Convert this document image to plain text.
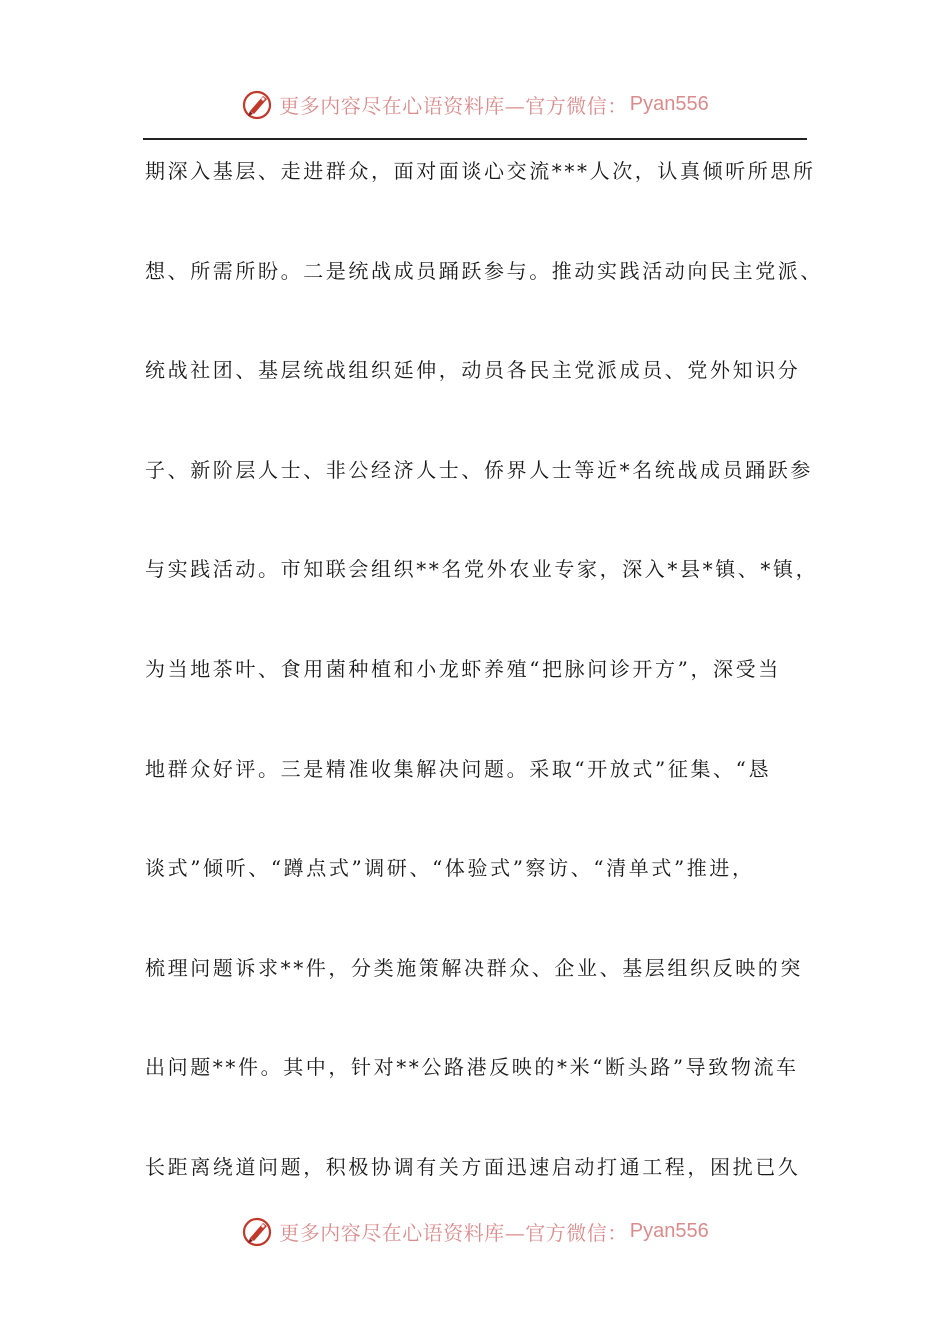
更多内容尽在心语资料库—官方微信： Pyan556
期深入基层、走进群众，面对面谈心交流***人次，认真倾听所思所
想、所需所盼。二是统战成员踊跃参与。推动实践活动向民主党派、
统战社团、基层统战组织延伸，动员各民主党派成员、党外知识分
子、新阶层人士、非公经济人士、侨界人士等近*名统战成员踊跃参
与实践活动。市知联会组织**名党外农业专家，深入*县*镇、*镇，
为当地茶叶、食用菌种植和小龙虾养殖“把脉问诊开方”，深受当
地群众好评。三是精准收集解决问题。采取“开放式”征集、“恳
谈式”倾听、“蹲点式”调研、“体验式”察访、“清单式”推进，
梳理问题诉求**件，分类施策解决群众、企业、基层组织反映的突
出问题**件。其中，针对**公路港反映的*米“断头路”导致物流车
长距离绕道问题，积极协调有关方面迅速启动打通工程，困扰已久
更多内容尽在心语资料库—官方微信： Pyan556
